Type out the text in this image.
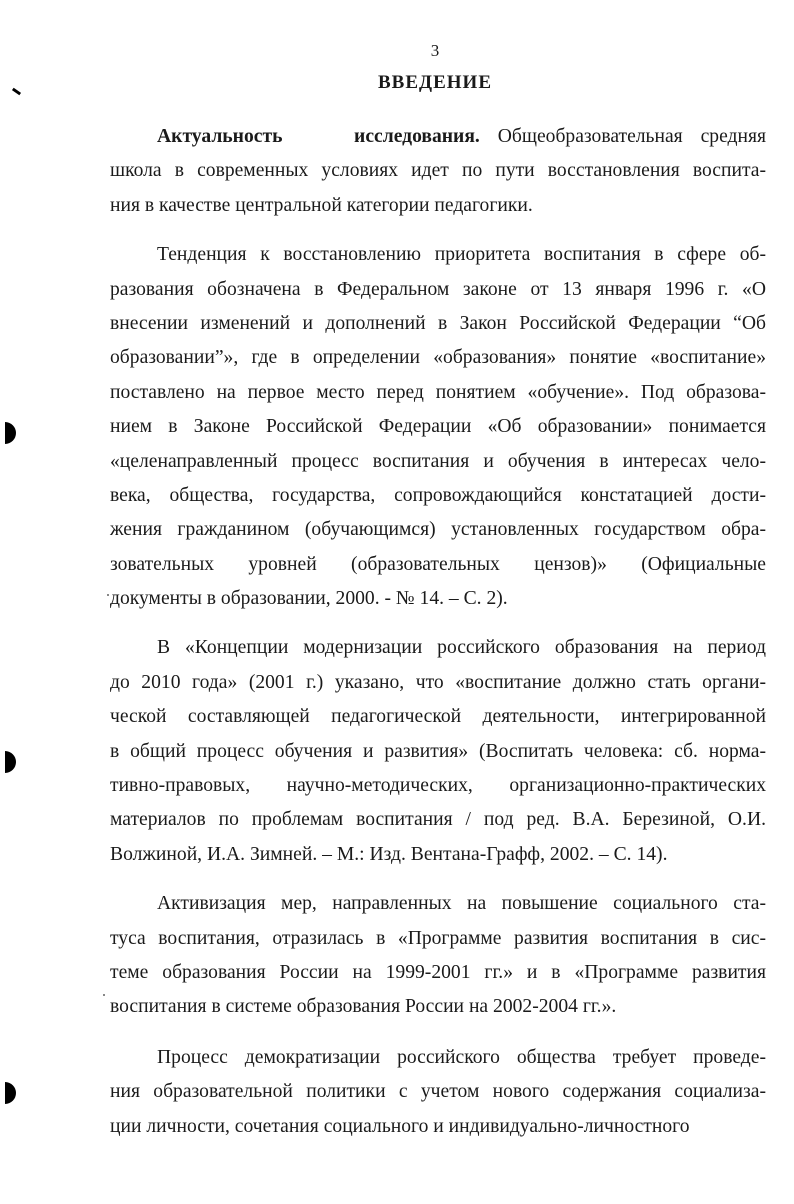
3
ВВЕДЕНИЕ
Актуальность    исследования. Общеобразовательная средняя
школа в современных условиях идет по пути восстановления воспита-
ния в качестве центральной категории педагогики.
Тенденция к восстановлению приоритета воспитания в сфере об-
разования обозначена в Федеральном законе от 13 января 1996 г. «О
внесении изменений и дополнений в Закон Российской Федерации “Об
образовании”», где в определении «образования» понятие «воспитание»
поставлено на первое место перед понятием «обучение». Под образова-
нием в Законе Российской Федерации «Об образовании» понимается
«целенаправленный процесс воспитания и обучения в интересах чело-
века, общества, государства, сопровождающийся констатацией дости-
жения гражданином (обучающимся) установленных государством обра-
зовательных уровней (образовательных цензов)» (Официальные
документы в образовании, 2000. - № 14. – С. 2).
В «Концепции модернизации российского образования на период
до 2010 года» (2001 г.) указано, что «воспитание должно стать органи-
ческой составляющей педагогической деятельности, интегрированной
в общий процесс обучения и развития» (Воспитать человека: сб. норма-
тивно-правовых, научно-методических, организационно-практических
материалов по проблемам воспитания / под ред. В.А. Березиной, О.И.
Волжиной, И.А. Зимней. – М.: Изд. Вентана-Графф, 2002. – С. 14).
Активизация мер, направленных на повышение социального ста-
туса воспитания, отразилась в «Программе развития воспитания в сис-
теме образования России на 1999-2001 гг.» и в «Программе развития
воспитания в системе образования России на 2002-2004 гг.».
Процесс демократизации российского общества требует проведе-
ния образовательной политики с учетом нового содержания социализа-
ции личности, сочетания социального и индивидуально-личностного
